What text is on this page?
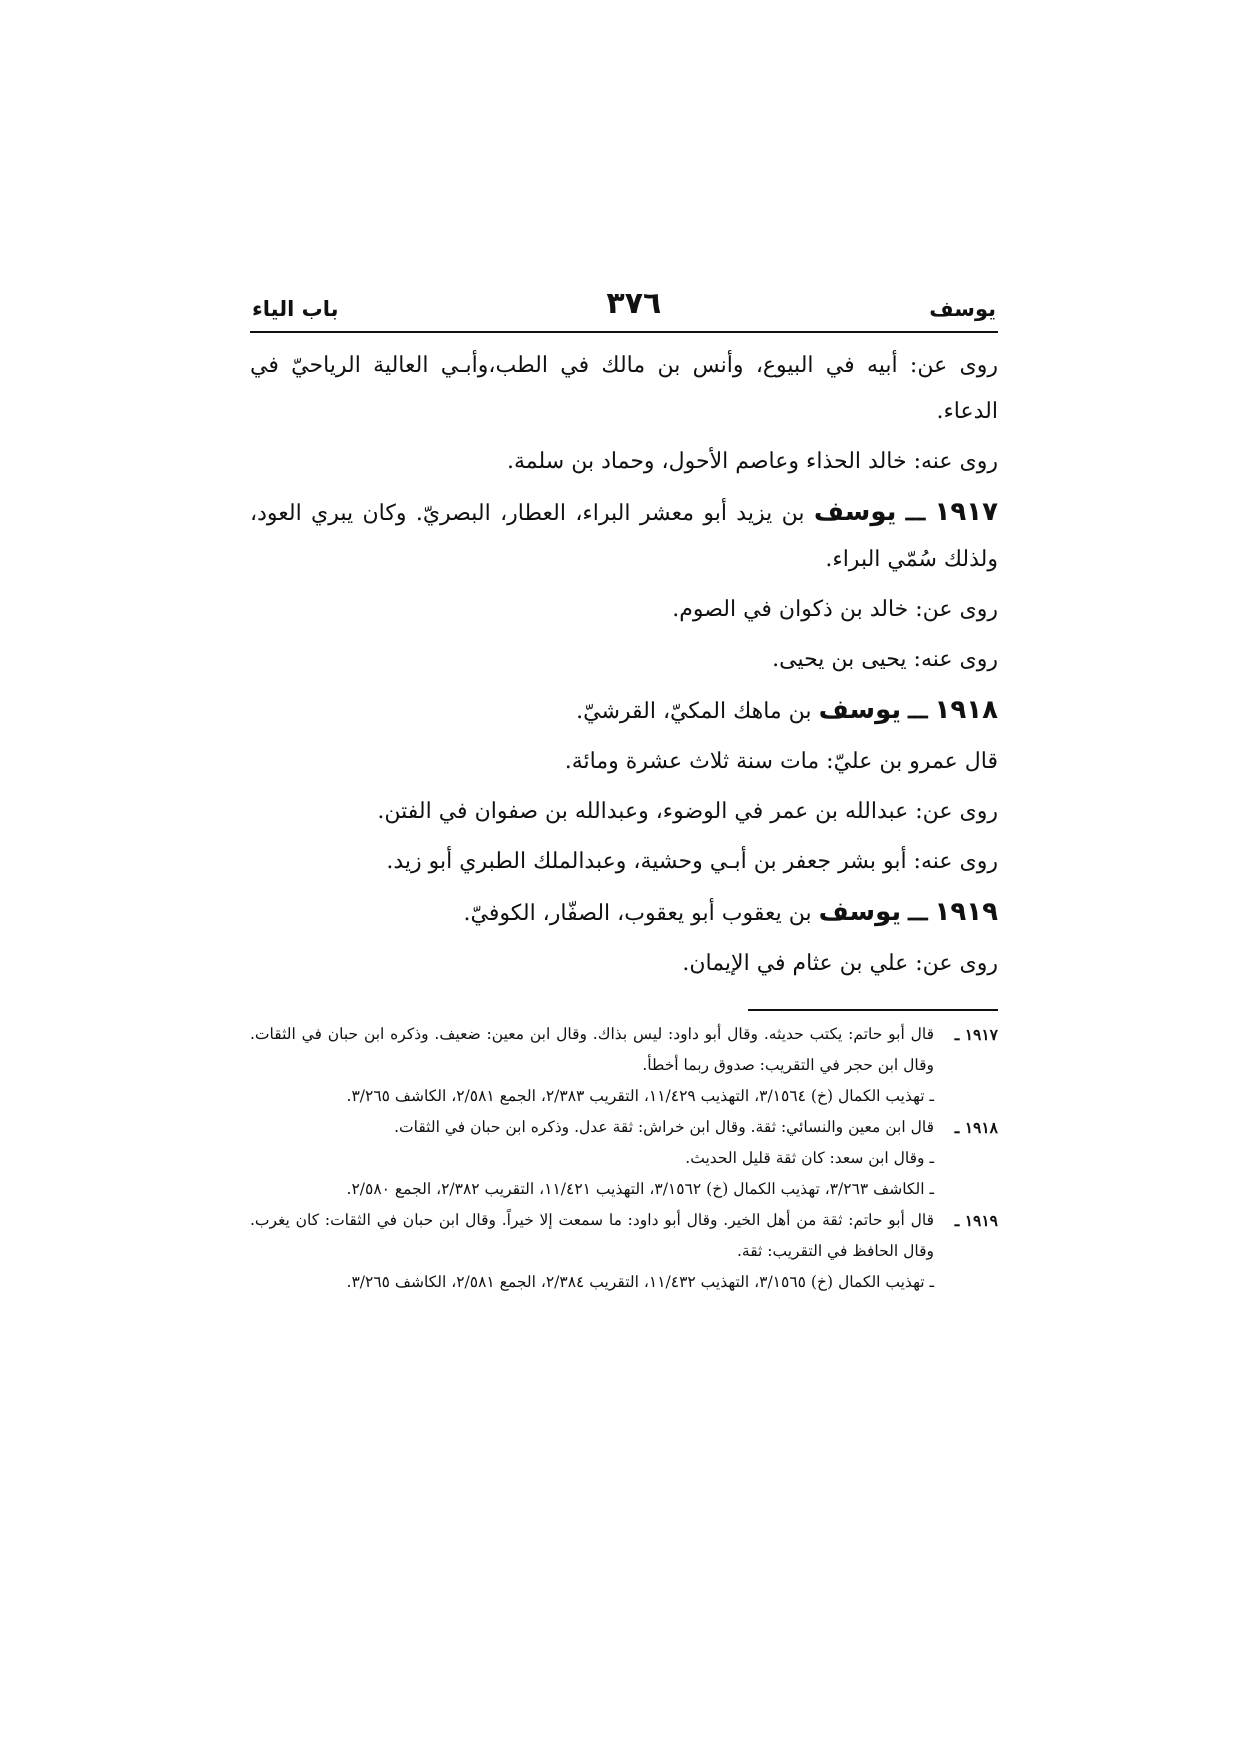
يوسف
٣٧٦
باب الياء

روى عن: أبيه في البيوع، وأنس بن مالك في الطب،وأبـي العالية الرياحيّ في الدعاء.

روى عنه: خالد الحذاء وعاصم الأحول، وحماد بن سلمة.

١٩١٧ ـــ يوسف بن يزيد أبو معشر البراء، العطار، البصريّ. وكان يبري العود، ولذلك سُمّي البراء.

روى عن: خالد بن ذكوان في الصوم.

روى عنه: يحيى بن يحيى.

١٩١٨ ـــ يوسف بن ماهك المكيّ، القرشيّ.

قال عمرو بن عليّ: مات سنة ثلاث عشرة ومائة.

روى عن: عبدالله بن عمر في الوضوء، وعبدالله بن صفوان في الفتن.

روى عنه: أبو بشر جعفر بن أبـي وحشية، وعبدالملك الطبري أبو زيد.

١٩١٩ ـــ يوسف بن يعقوب أبو يعقوب، الصفّار، الكوفيّ.

روى عن: علي بن عثام في الإيمان.

١٩١٧ ـ

قال أبو حاتم: يكتب حديثه. وقال أبو داود: ليس بذاك. وقال ابن معين: ضعيف. وذكره ابن حبان في الثقات. وقال ابن حجر في التقريب: صدوق ربما أخطأ.

ـ تهذيب الكمال (خ) ٣/١٥٦٤، التهذيب ١١/٤٢٩، التقريب ٢/٣٨٣، الجمع ٢/٥٨١، الكاشف ٣/٢٦٥.

١٩١٨ ـ

قال ابن معين والنسائي: ثقة. وقال ابن خراش: ثقة عدل. وذكره ابن حبان في الثقات.

ـ وقال ابن سعد: كان ثقة قليل الحديث.

ـ الكاشف ٣/٢٦٣، تهذيب الكمال (خ) ٣/١٥٦٢، التهذيب ١١/٤٢١، التقريب ٢/٣٨٢، الجمع ٢/٥٨٠.

١٩١٩ ـ

قال أبو حاتم: ثقة من أهل الخير. وقال أبو داود: ما سمعت إلا خيراً. وقال ابن حبان في الثقات: كان يغرب. وقال الحافظ في التقريب: ثقة.

ـ تهذيب الكمال (خ) ٣/١٥٦٥، التهذيب ١١/٤٣٢، التقريب ٢/٣٨٤، الجمع ٢/٥٨١، الكاشف ٣/٢٦٥.
